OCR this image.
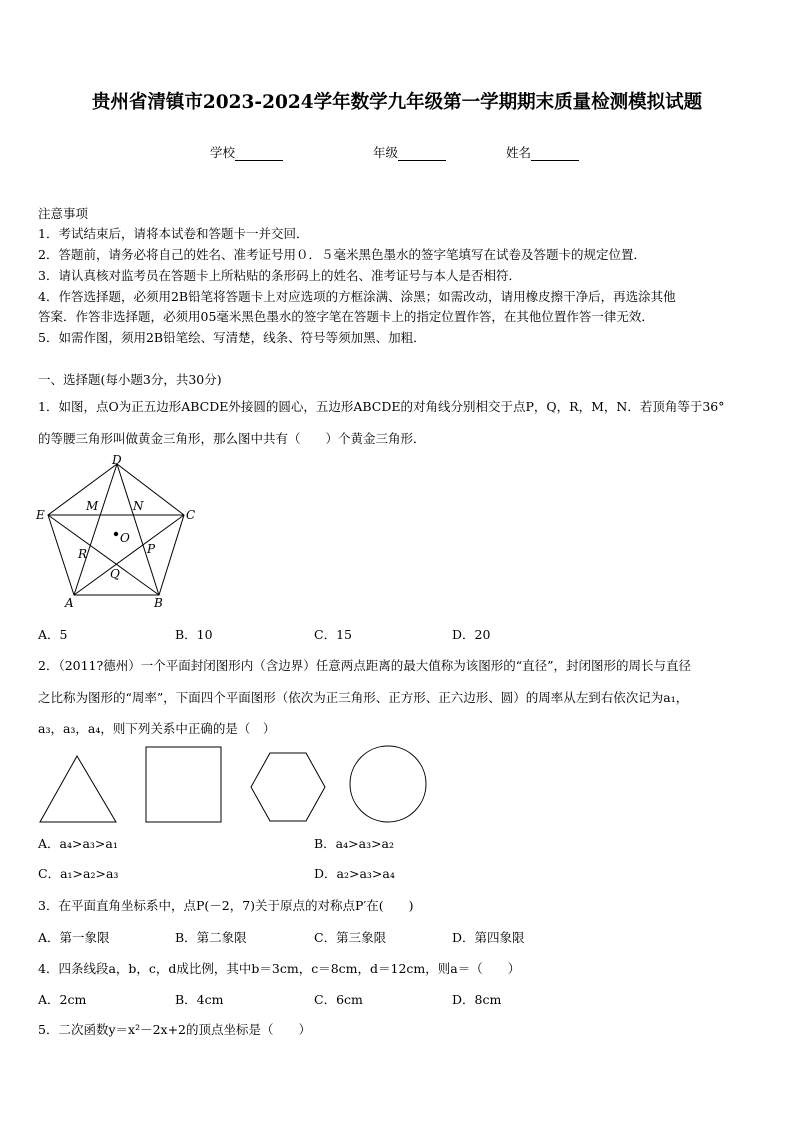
贵州省清镇市2023-2024学年数学九年级第一学期期末质量检测模拟试题
学校	年级	姓名
注意事项
1．考试结束后，请将本试卷和答题卡一并交回．
2．答题前，请务必将自己的姓名、准考证号用０．５毫米黑色墨水的签字笔填写在试卷及答题卡的规定位置．
3．请认真核对监考员在答题卡上所粘贴的条形码上的姓名、准考证号与本人是否相符．
4．作答选择题，必须用2B铅笔将答题卡上对应选项的方框涂满、涂黑；如需改动，请用橡皮擦干净后，再选涂其他
答案．作答非选择题，必须用05毫米黑色墨水的签字笔在答题卡上的指定位置作答，在其他位置作答一律无效．
5．如需作图，须用2B铅笔绘、写清楚，线条、符号等须加黑、加粗．
一、选择题(每小题3分，共30分)
1．如图，点O为正五边形ABCDE外接圆的圆心，五边形ABCDE的对角线分别相交于点P，Q，R，M，N．若顶角等于36°
的等腰三角形叫做黄金三角形，那么图中共有（　　）个黄金三角形．
D
E	C
A	B
M	N
O
P
Q
R
A．5	B．10	C．15	D．20
2．（2011?德州）一个平面封闭图形内（含边界）任意两点距离的最大值称为该图形的“直径”，封闭图形的周长与直径
之比称为图形的“周率”，下面四个平面图形（依次为正三角形、正方形、正六边形、圆）的周率从左到右依次记为a₁，
a₃，a₃，a₄，则下列关系中正确的是（　）
A．a₄>a₃>a₁	B．a₄>a₃>a₂
C．a₁>a₂>a₃	D．a₂>a₃>a₄
3．在平面直角坐标系中，点P(－2，7)关于原点的对称点P′在(　　)
A．第一象限	B．第二象限	C．第三象限	D．第四象限
4．四条线段a，b，c，d成比例，其中b＝3cm，c＝8cm，d＝12cm，则a＝（　　）
A．2cm	B．4cm	C．6cm	D．8cm
5．二次函数y＝x²－2x+2的顶点坐标是（　　）
